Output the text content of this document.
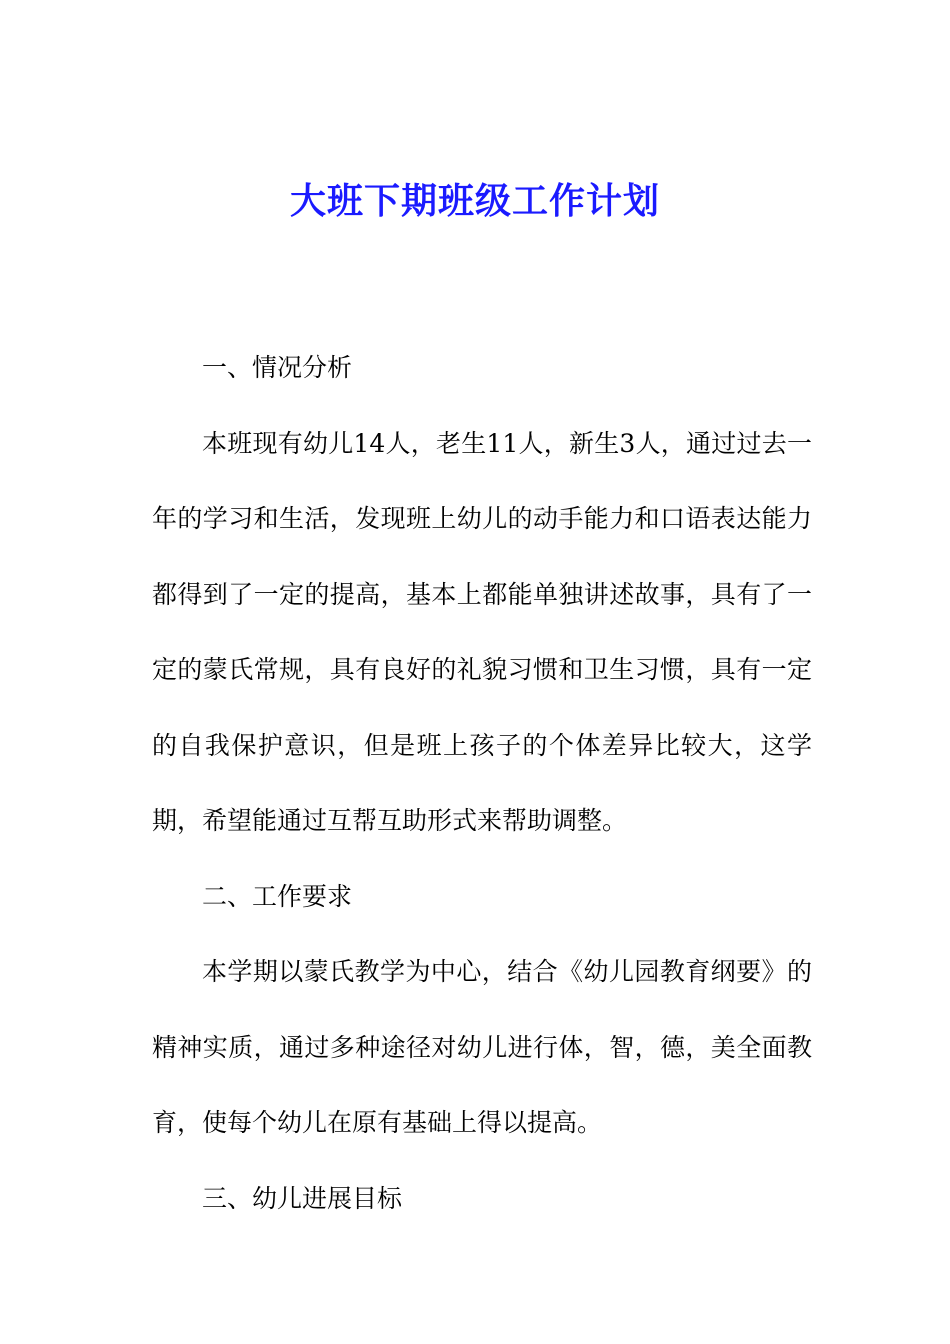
大班下期班级工作计划

一、情况分析

本班现有幼儿14人，老生11人，新生3人，通过过去一年的学习和生活，发现班上幼儿的动手能力和口语表达能力都得到了一定的提高，基本上都能单独讲述故事，具有了一定的蒙氏常规，具有良好的礼貌习惯和卫生习惯，具有一定的自我保护意识，但是班上孩子的个体差异比较大，这学期，希望能通过互帮互助形式来帮助调整。

二、工作要求

本学期以蒙氏教学为中心，结合《幼儿园教育纲要》的精神实质，通过多种途径对幼儿进行体，智，德，美全面教育，使每个幼儿在原有基础上得以提高。

三、幼儿进展目标
